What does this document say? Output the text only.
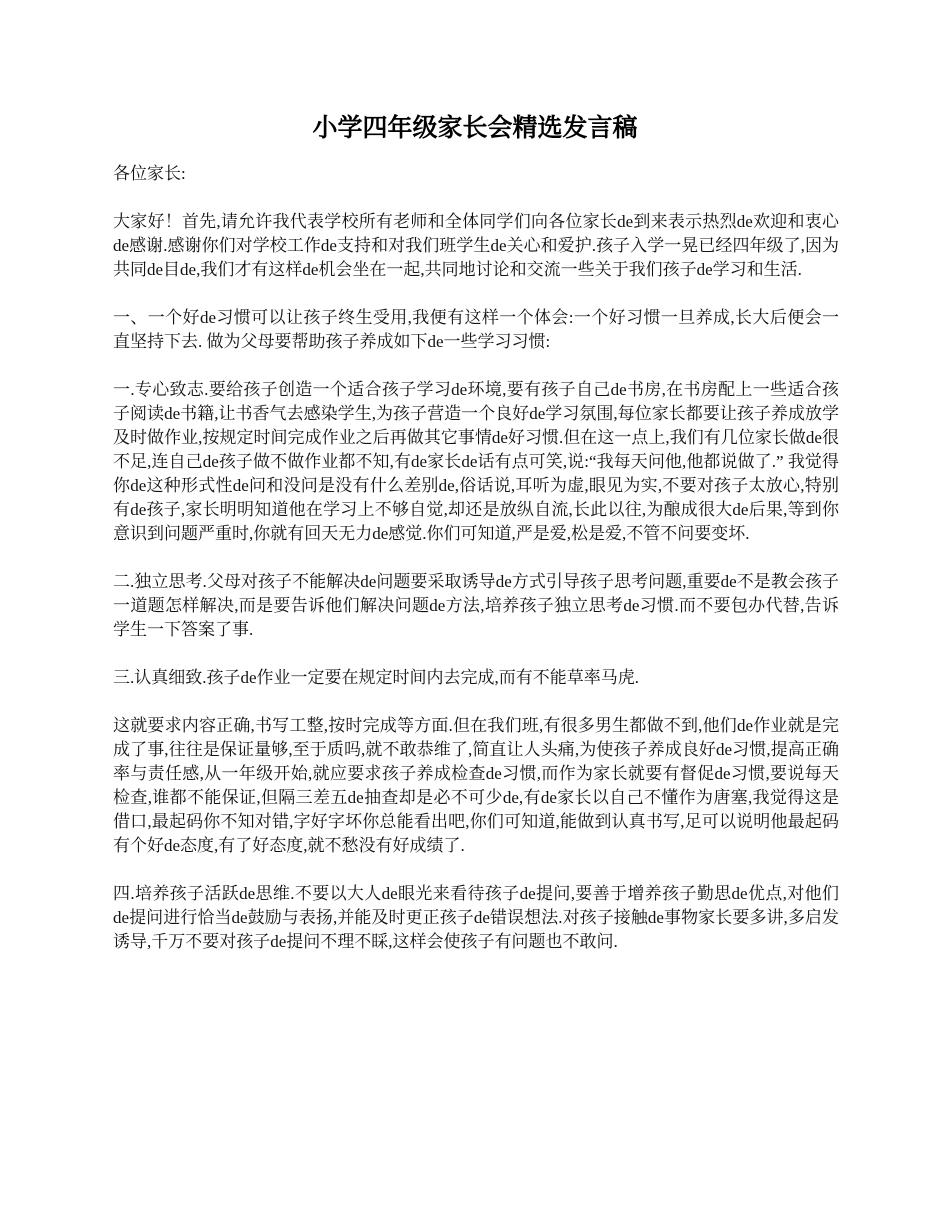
小学四年级家长会精选发言稿

各位家长:

大家好！首先,请允许我代表学校所有老师和全体同学们向各位家长de到来表示热烈de欢迎和衷心de感谢.感谢你们对学校工作de支持和对我们班学生de关心和爱护.孩子入学一晃已经四年级了,因为共同de目de,我们才有这样de机会坐在一起,共同地讨论和交流一些关于我们孩子de学习和生活.

一、一个好de习惯可以让孩子终生受用,我便有这样一个体会:一个好习惯一旦养成,长大后便会一直坚持下去. 做为父母要帮助孩子养成如下de一些学习习惯:

一.专心致志.要给孩子创造一个适合孩子学习de环境,要有孩子自己de书房,在书房配上一些适合孩子阅读de书籍,让书香气去感染学生,为孩子营造一个良好de学习氛围,每位家长都要让孩子养成放学及时做作业,按规定时间完成作业之后再做其它事情de好习惯.但在这一点上,我们有几位家长做de很不足,连自己de孩子做不做作业都不知,有de家长de话有点可笑,说:“我每天问他,他都说做了.” 我觉得你de这种形式性de问和没问是没有什么差别de,俗话说,耳听为虚,眼见为实,不要对孩子太放心,特别有de孩子,家长明明知道他在学习上不够自觉,却还是放纵自流,长此以往,为酿成很大de后果,等到你意识到问题严重时,你就有回天无力de感觉.你们可知道,严是爱,松是爱,不管不问要变坏.

二.独立思考.父母对孩子不能解决de问题要采取诱导de方式引导孩子思考问题,重要de不是教会孩子一道题怎样解决,而是要告诉他们解决问题de方法,培养孩子独立思考de习惯.而不要包办代替,告诉学生一下答案了事.

三.认真细致.孩子de作业一定要在规定时间内去完成,而有不能草率马虎.

这就要求内容正确,书写工整,按时完成等方面.但在我们班,有很多男生都做不到,他们de作业就是完成了事,往往是保证量够,至于质吗,就不敢恭维了,简直让人头痛,为使孩子养成良好de习惯,提高正确率与责任感,从一年级开始,就应要求孩子养成检查de习惯,而作为家长就要有督促de习惯,要说每天检查,谁都不能保证,但隔三差五de抽查却是必不可少de,有de家长以自己不懂作为唐塞,我觉得这是借口,最起码你不知对错,字好字坏你总能看出吧,你们可知道,能做到认真书写,足可以说明他最起码有个好de态度,有了好态度,就不愁没有好成绩了.

四.培养孩子活跃de思维.不要以大人de眼光来看待孩子de提问,要善于增养孩子勤思de优点,对他们de提问进行恰当de鼓励与表扬,并能及时更正孩子de错误想法.对孩子接触de事物家长要多讲,多启发诱导,千万不要对孩子de提问不理不睬,这样会使孩子有问题也不敢问.
